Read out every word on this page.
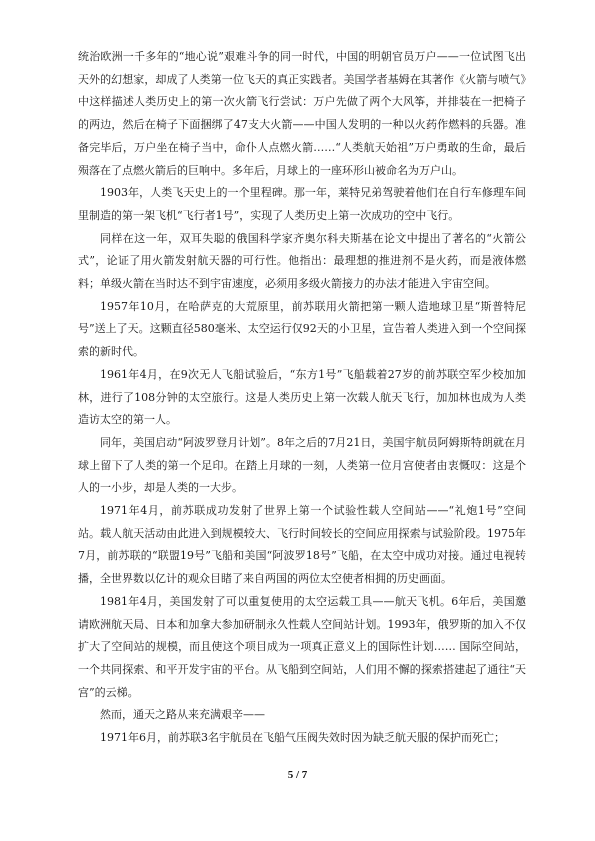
统治欧洲一千多年的“地心说”艰难斗争的同一时代，中国的明朝官员万户——一位试图飞出天外的幻想家，却成了人类第一位飞天的真正实践者。美国学者基姆在其著作《火箭与喷气》中这样描述人类历史上的第一次火箭飞行尝试：万户先做了两个大风筝，并排装在一把椅子的两边，然后在椅子下面捆绑了47支大火箭——中国人发明的一种以火药作燃料的兵器。准备完毕后，万户坐在椅子当中，命仆人点燃火箭……“人类航天始祖”万户勇敢的生命，最后殒落在了点燃火箭后的巨响中。多年后，月球上的一座环形山被命名为万户山。

1903年，人类飞天史上的一个里程碑。那一年，莱特兄弟驾驶着他们在自行车修理车间里制造的第一架飞机“飞行者1号”，实现了人类历史上第一次成功的空中飞行。

同样在这一年，双耳失聪的俄国科学家齐奥尔科夫斯基在论文中提出了著名的“火箭公式”，论证了用火箭发射航天器的可行性。他指出：最理想的推进剂不是火药，而是液体燃料；单级火箭在当时达不到宇宙速度，必须用多级火箭接力的办法才能进入宇宙空间。

1957年10月，在哈萨克的大荒原里，前苏联用火箭把第一颗人造地球卫星“斯普特尼号”送上了天。这颗直径580毫米、太空运行仅92天的小卫星，宣告着人类进入到一个空间探索的新时代。

1961年4月，在9次无人飞船试验后，“东方1号”飞船载着27岁的前苏联空军少校加加林，进行了108分钟的太空旅行。这是人类历史上第一次载人航天飞行，加加林也成为人类造访太空的第一人。

同年，美国启动“阿波罗登月计划”。8年之后的7月21日，美国宇航员阿姆斯特朗就在月球上留下了人类的第一个足印。在踏上月球的一刻，人类第一位月宫使者由衷慨叹：这是个人的一小步，却是人类的一大步。

1971年4月，前苏联成功发射了世界上第一个试验性载人空间站——“礼炮1号”空间站。载人航天活动由此进入到规模较大、飞行时间较长的空间应用探索与试验阶段。1975年7月，前苏联的“联盟19号”飞船和美国“阿波罗18号”飞船，在太空中成功对接。通过电视转播，全世界数以亿计的观众目睹了来自两国的两位太空使者相拥的历史画面。

1981年4月，美国发射了可以重复使用的太空运载工具——航天飞机。6年后，美国邀请欧洲航天局、日本和加拿大参加研制永久性载人空间站计划。1993年，俄罗斯的加入不仅扩大了空间站的规模，而且使这个项目成为一项真正意义上的国际性计划…… 国际空间站，一个共同探索、和平开发宇宙的平台。从飞船到空间站，人们用不懈的探索搭建起了通往“天宫”的云梯。

然而，通天之路从来充满艰辛——

1971年6月，前苏联3名宇航员在飞船气压阀失效时因为缺乏航天服的保护而死亡；

5 / 7
